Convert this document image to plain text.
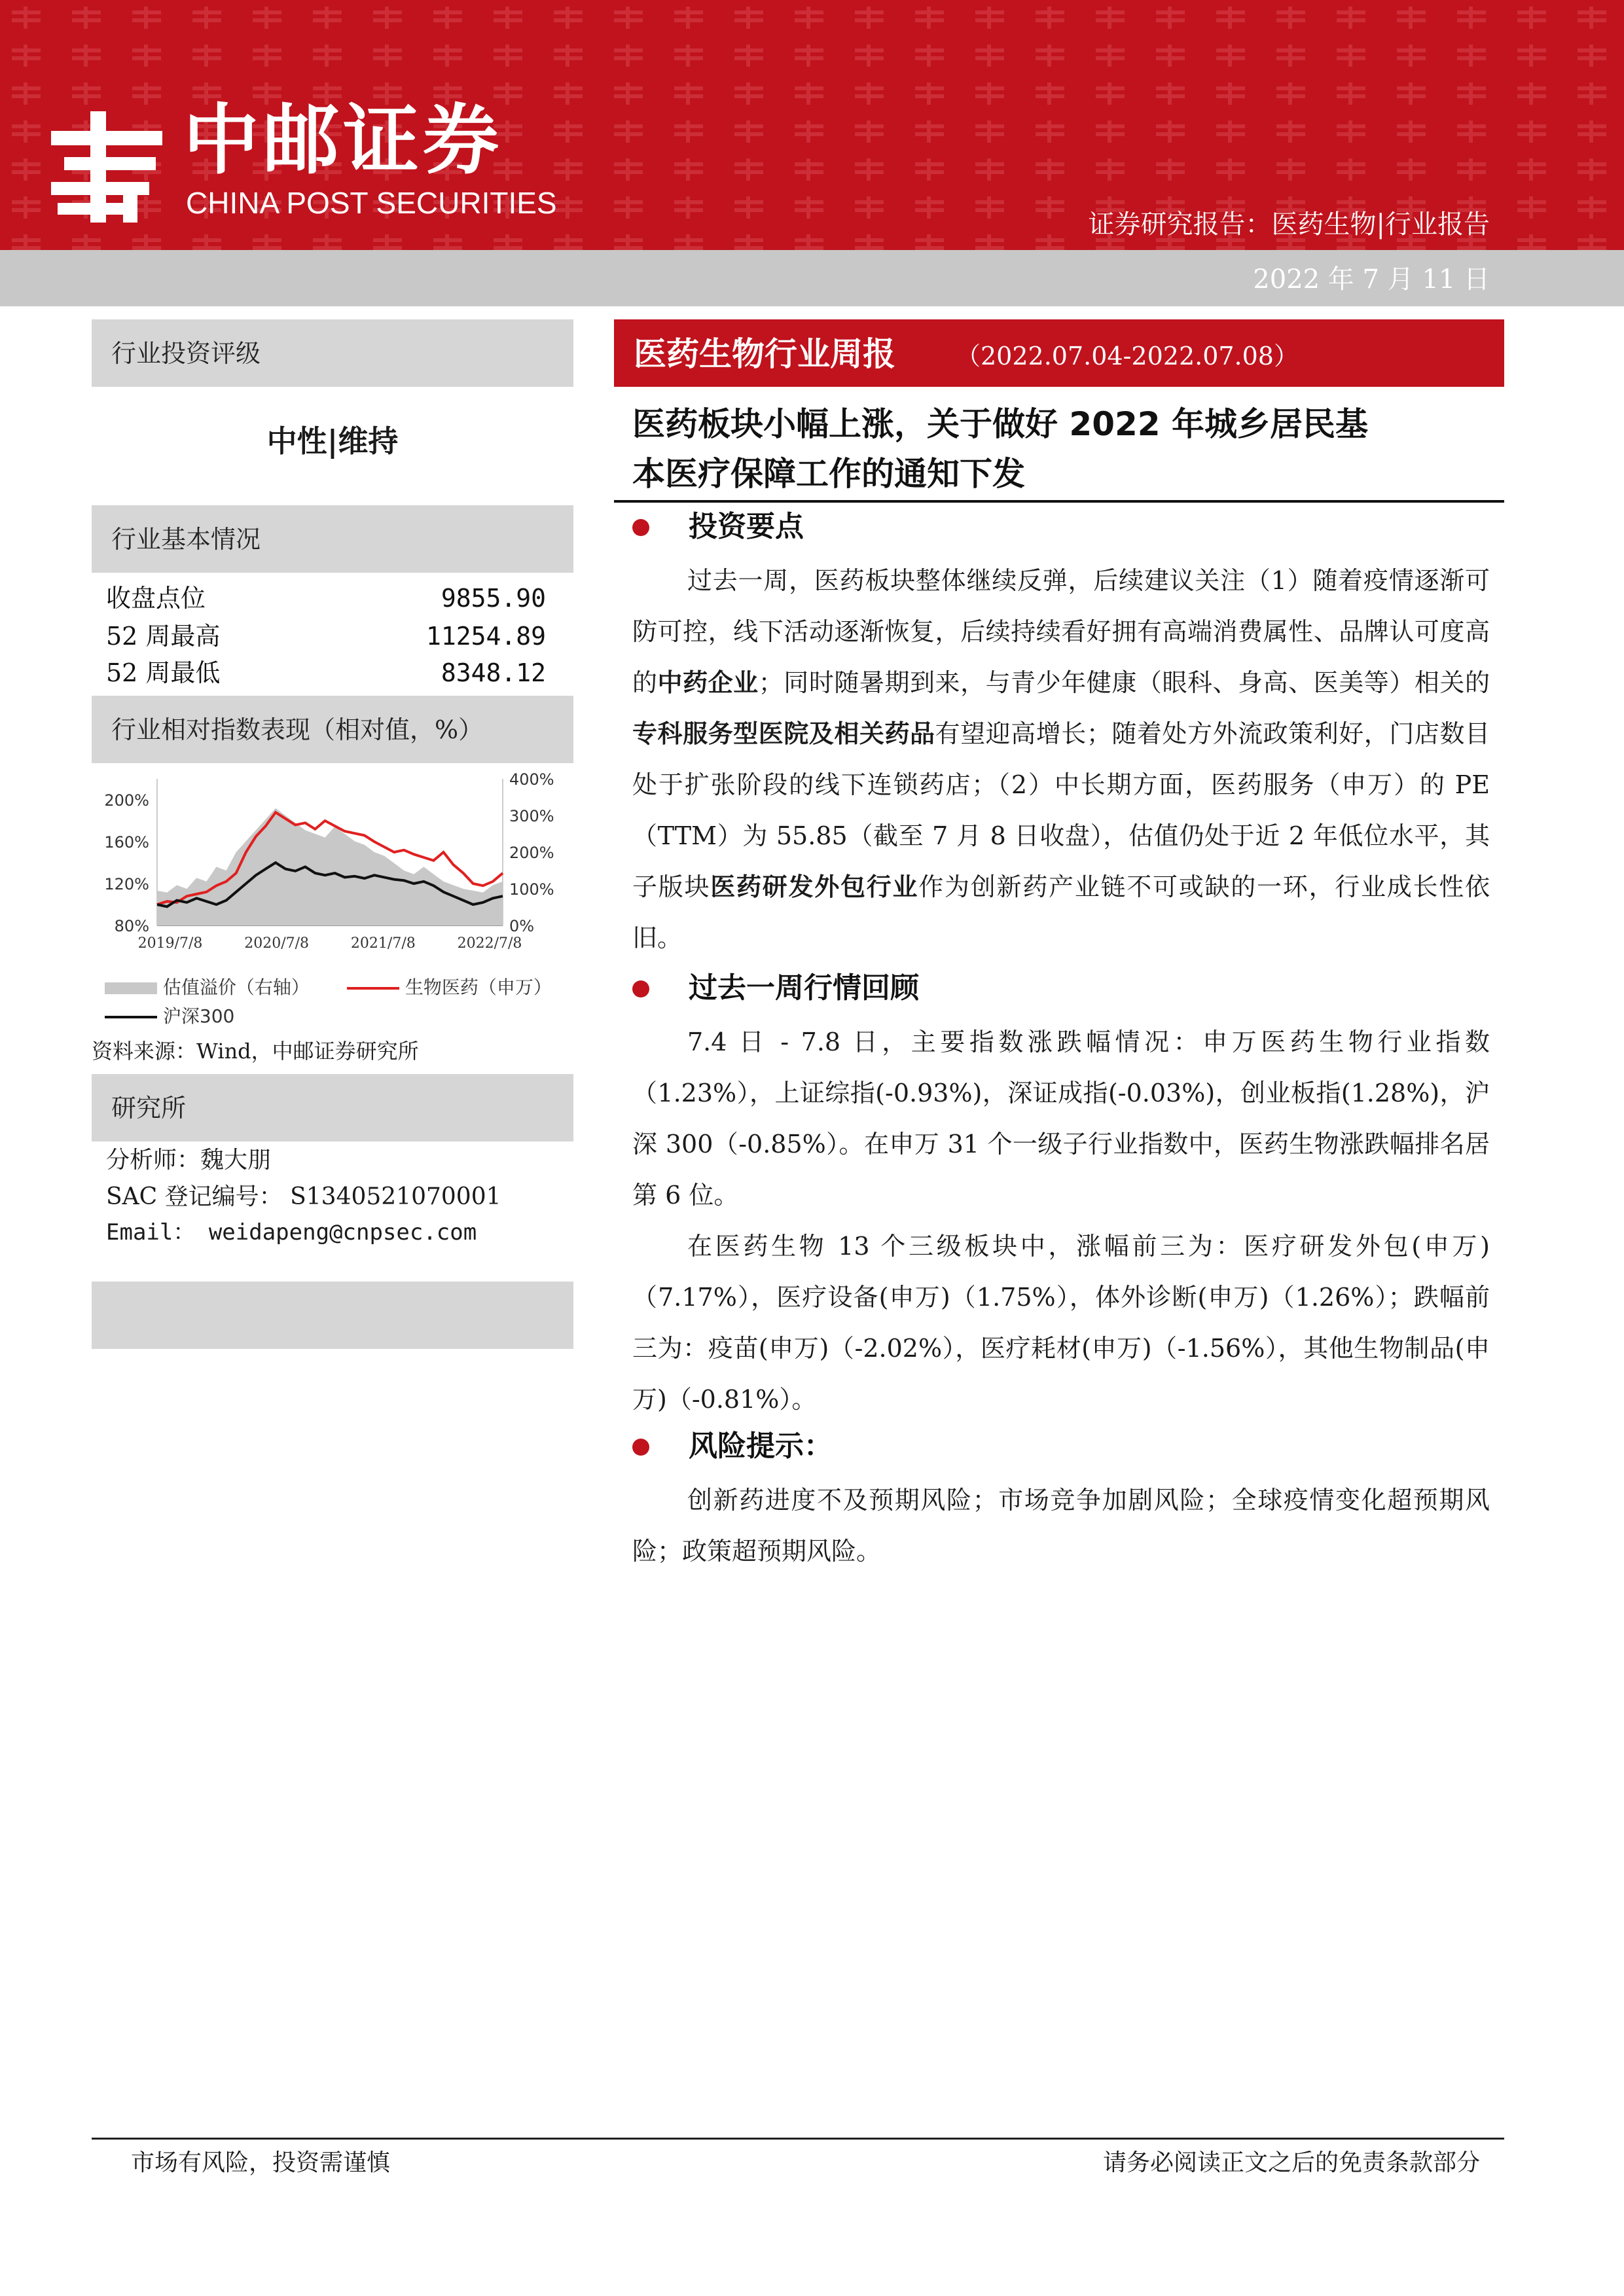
中邮证券
CHINA POST SECURITIES
证券研究报告：医药生物|行业报告
2022 年 7 月 11 日
行业投资评级
中性|维持
行业基本情况
收盘点位	9855.90
52 周最高	11254.89
52 周最低	8348.12
行业相对指数表现（相对值，%）
80%
120%
160%
200%
0%
100%
200%
300%
400%
2019/7/8	2020/7/8	2021/7/8	2022/7/8
估值溢价（右轴）	生物医药（申万）
沪深300
资料来源：Wind，中邮证券研究所
研究所
分析师：魏大朋
SAC 登记编号： S1340521070001
Email： weidapeng@cnpsec.com
医药生物行业周报 （2022.07.04-2022.07.08）
医药板块小幅上涨，关于做好 2022 年城乡居民基
本医疗保障工作的通知下发
投资要点
过去一周，医药板块整体继续反弹，后续建议关注（1）随着疫情逐渐可防可控，线下活动逐渐恢复，后续持续看好拥有高端消费属性、品牌认可度高的中药企业；同时随暑期到来，与青少年健康（眼科、身高、医美等）相关的专科服务型医院及相关药品有望迎高增长；随着处方外流政策利好，门店数目处于扩张阶段的线下连锁药店；（2）中长期方面，医药服务（申万）的 PE（TTM）为 55.85（截至 7 月 8 日收盘），估值仍处于近 2 年低位水平，其子版块医药研发外包行业作为创新药产业链不可或缺的一环，行业成长性依旧。
过去一周行情回顾
7.4 日 - 7.8 日，主要指数涨跌幅情况：申万医药生物行业指数（1.23%），上证综指(-0.93%)，深证成指(-0.03%)，创业板指(1.28%)，沪深 300（-0.85%）。在申万 31 个一级子行业指数中，医药生物涨跌幅排名居第 6 位。
在医药生物 13 个三级板块中，涨幅前三为：医疗研发外包(申万)（7.17%），医疗设备(申万)（1.75%），体外诊断(申万)（1.26%）；跌幅前三为：疫苗(申万)（-2.02%），医疗耗材(申万)（-1.56%），其他生物制品(申万)（-0.81%）。
风险提示：
创新药进度不及预期风险；市场竞争加剧风险；全球疫情变化超预期风险；政策超预期风险。
市场有风险，投资需谨慎	请务必阅读正文之后的免责条款部分
